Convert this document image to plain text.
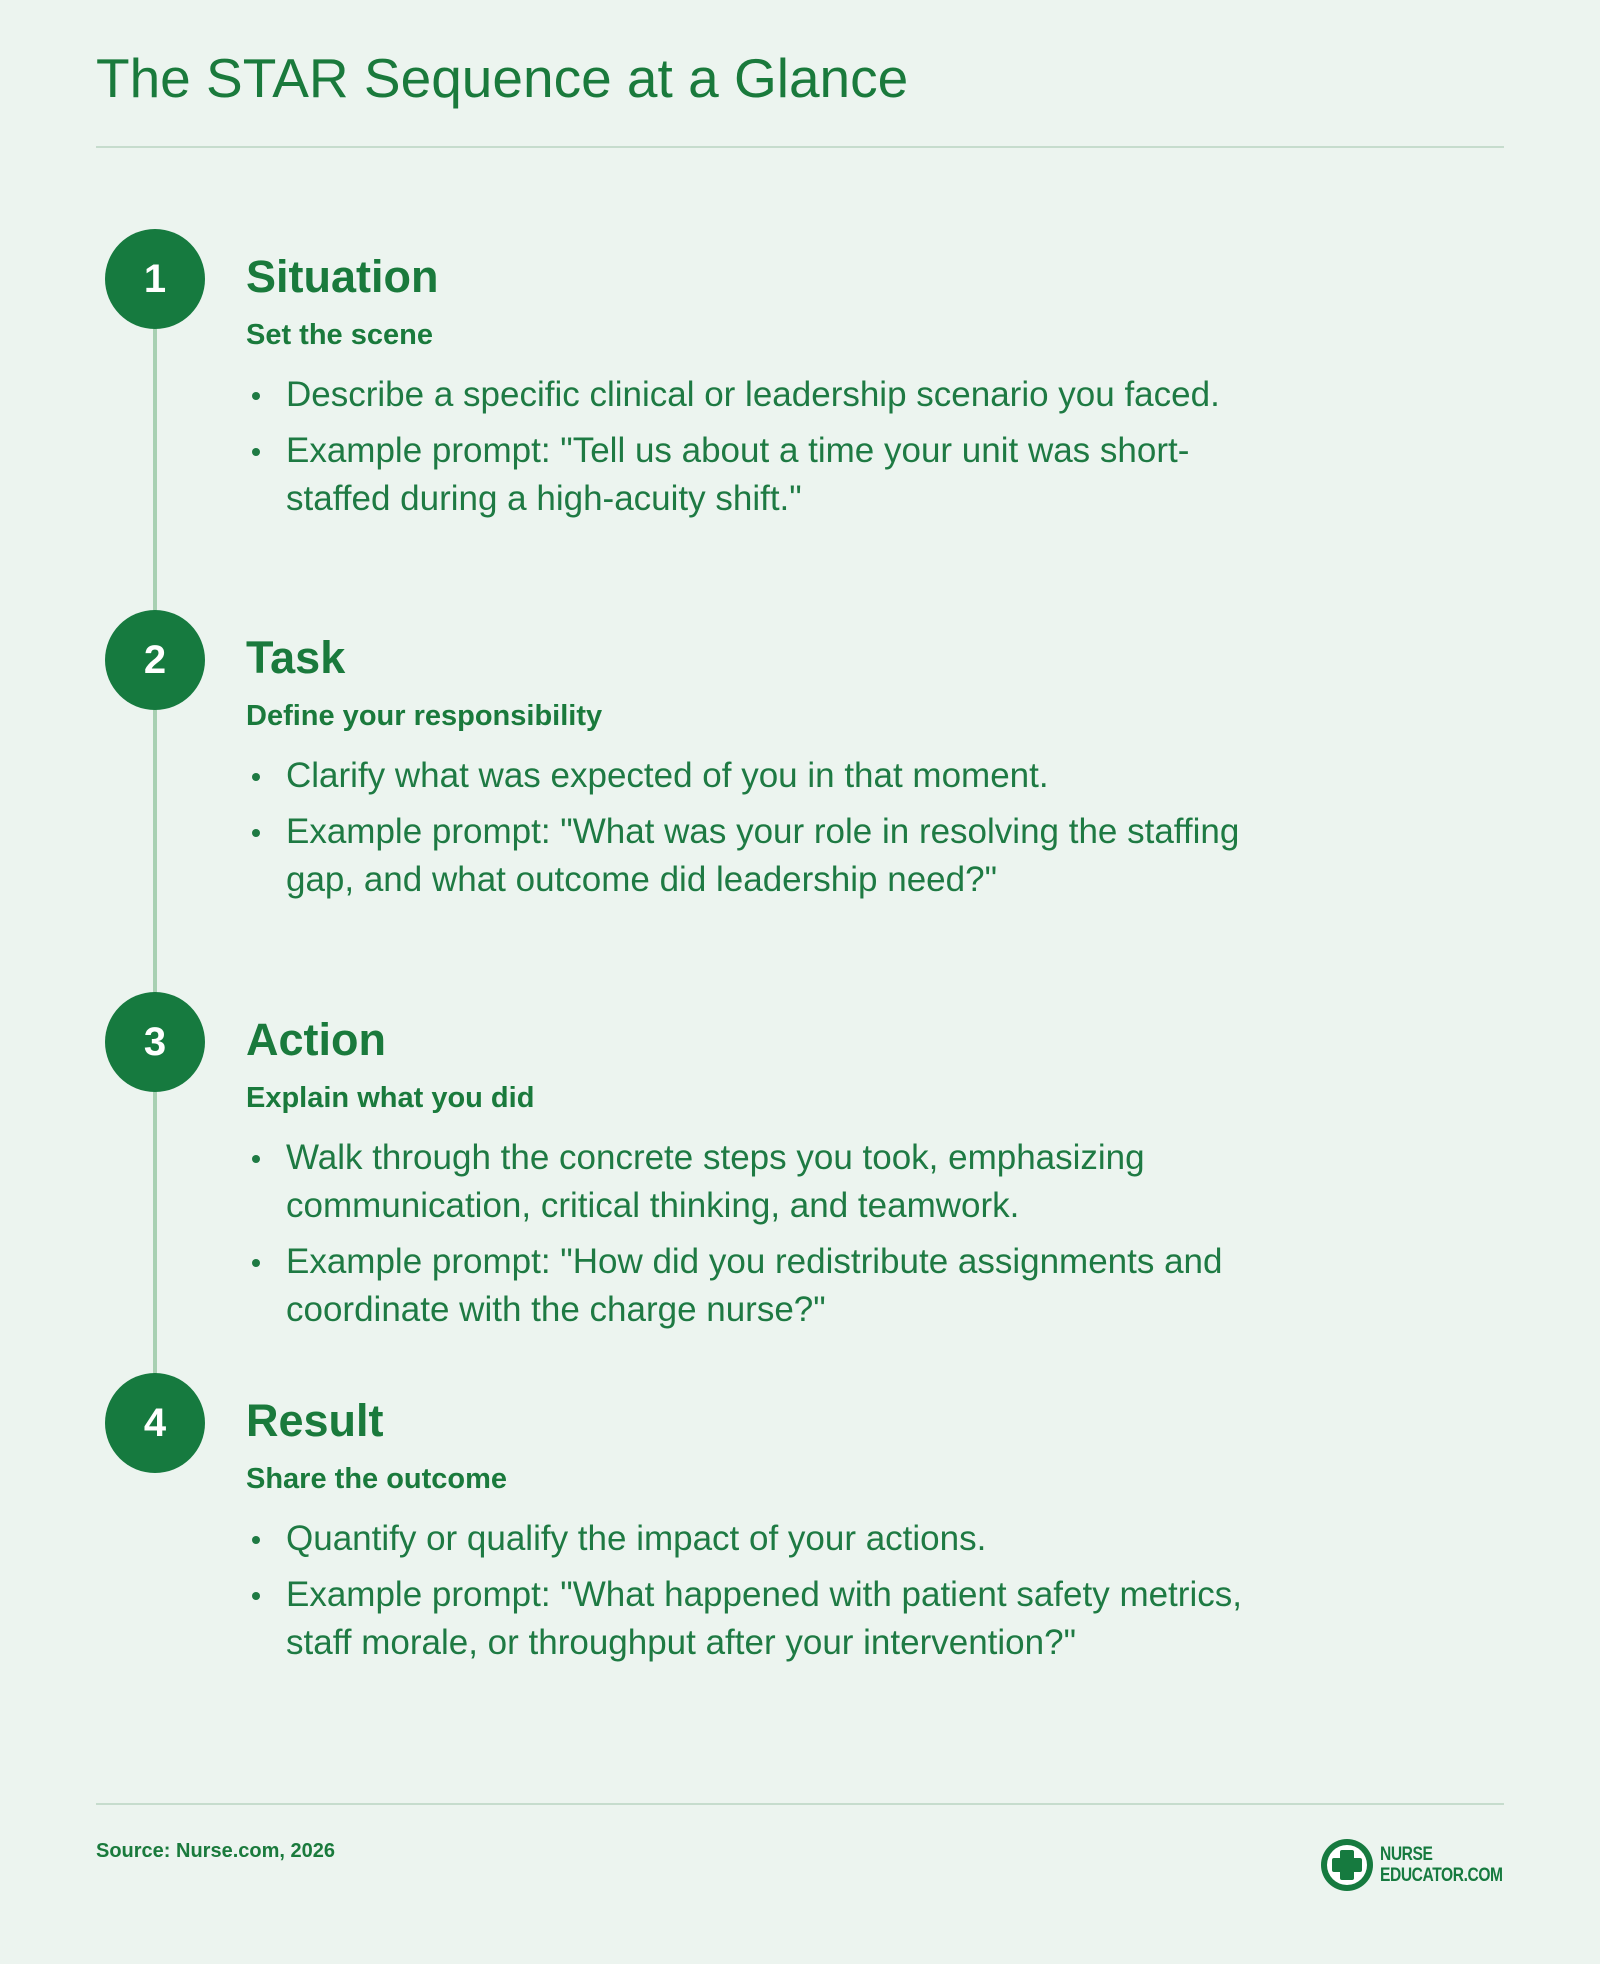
The STAR Sequence at a Glance
1	Situation
Set the scene
Describe a specific clinical or leadership scenario you faced.
Example prompt: "Tell us about a time your unit was short-staffed during a high-acuity shift."
2	Task
Define your responsibility
Clarify what was expected of you in that moment.
Example prompt: "What was your role in resolving the staffing gap, and what outcome did leadership need?"
3	Action
Explain what you did
Walk through the concrete steps you took, emphasizing communication, critical thinking, and teamwork.
Example prompt: "How did you redistribute assignments and coordinate with the charge nurse?"
4	Result
Share the outcome
Quantify or qualify the impact of your actions.
Example prompt: "What happened with patient safety metrics, staff morale, or throughput after your intervention?"
Source: Nurse.com, 2026	NURSE
EDUCATOR.COM
